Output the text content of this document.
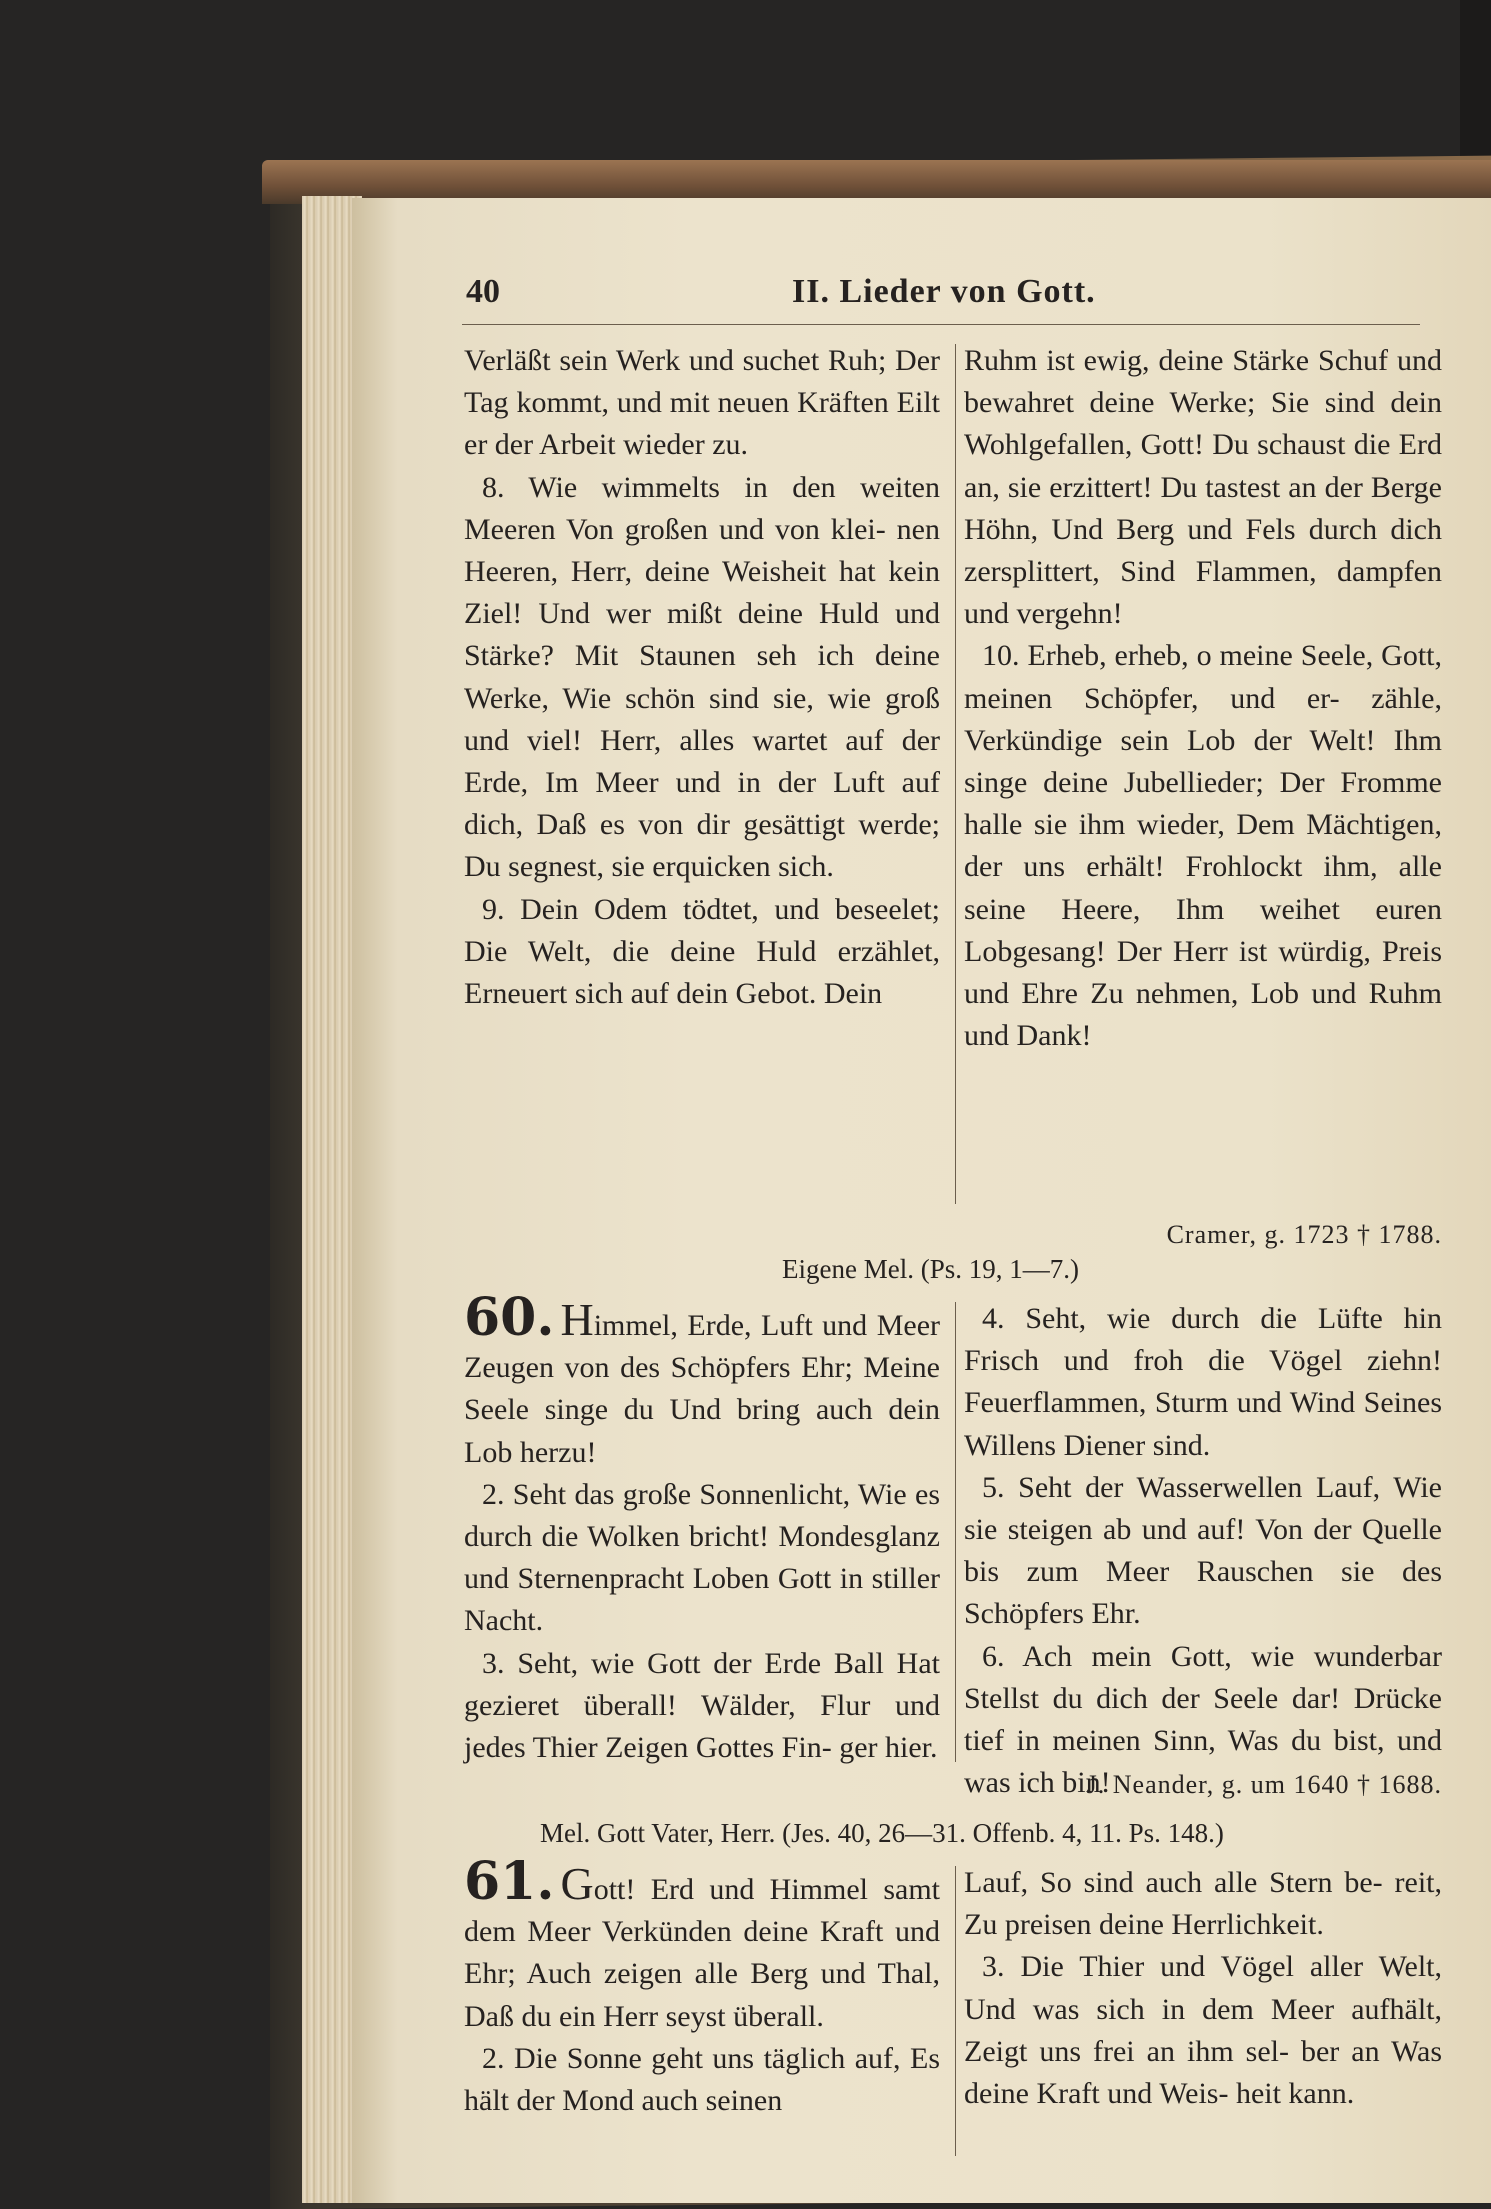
40	II. Lieder von Gott.

Verläßt sein Werk und suchet Ruh; Der Tag kommt, und mit neuen Kräften Eilt er der Arbeit wieder zu.

8. Wie wimmelts in den weiten Meeren Von großen und von klei- nen Heeren, Herr, deine Weisheit hat kein Ziel! Und wer mißt deine Huld und Stärke? Mit Staunen seh ich deine Werke, Wie schön sind sie, wie groß und viel! Herr, alles wartet auf der Erde, Im Meer und in der Luft auf dich, Daß es von dir gesättigt werde; Du segnest, sie erquicken sich.

9. Dein Odem tödtet, und beseelet; Die Welt, die deine Huld erzählet, Erneuert sich auf dein Gebot. Dein

Ruhm ist ewig, deine Stärke Schuf und bewahret deine Werke; Sie sind dein Wohlgefallen, Gott! Du schaust die Erd an, sie erzittert! Du tastest an der Berge Höhn, Und Berg und Fels durch dich zersplittert, Sind Flammen, dampfen und vergehn!

10. Erheb, erheb, o meine Seele, Gott, meinen Schöpfer, und er- zähle, Verkündige sein Lob der Welt! Ihm singe deine Jubellieder; Der Fromme halle sie ihm wieder, Dem Mächtigen, der uns erhält! Frohlockt ihm, alle seine Heere, Ihm weihet euren Lobgesang! Der Herr ist würdig, Preis und Ehre Zu nehmen, Lob und Ruhm und Dank!

Cramer, g. 1723 † 1788.
Eigene Mel. (Ps. 19, 1—7.)

60. Himmel, Erde, Luft und Meer Zeugen von des Schöpfers Ehr; Meine Seele singe du Und bring auch dein Lob herzu!

2. Seht das große Sonnenlicht, Wie es durch die Wolken bricht! Mondesglanz und Sternenpracht Loben Gott in stiller Nacht.

3. Seht, wie Gott der Erde Ball Hat gezieret überall! Wälder, Flur und jedes Thier Zeigen Gottes Fin- ger hier.

4. Seht, wie durch die Lüfte hin Frisch und froh die Vögel ziehn! Feuerflammen, Sturm und Wind Seines Willens Diener sind.

5. Seht der Wasserwellen Lauf, Wie sie steigen ab und auf! Von der Quelle bis zum Meer Rauschen sie des Schöpfers Ehr.

6. Ach mein Gott, wie wunderbar Stellst du dich der Seele dar! Drücke tief in meinen Sinn, Was du bist, und was ich bin!

J. Neander, g. um 1640 † 1688.
Mel. Gott Vater, Herr. (Jes. 40, 26—31. Offenb. 4, 11. Ps. 148.)

61. Gott! Erd und Himmel samt dem Meer Verkünden deine Kraft und Ehr; Auch zeigen alle Berg und Thal, Daß du ein Herr seyst überall.

2. Die Sonne geht uns täglich auf, Es hält der Mond auch seinen

Lauf, So sind auch alle Stern be- reit, Zu preisen deine Herrlichkeit.

3. Die Thier und Vögel aller Welt, Und was sich in dem Meer aufhält, Zeigt uns frei an ihm sel- ber an Was deine Kraft und Weis- heit kann.
